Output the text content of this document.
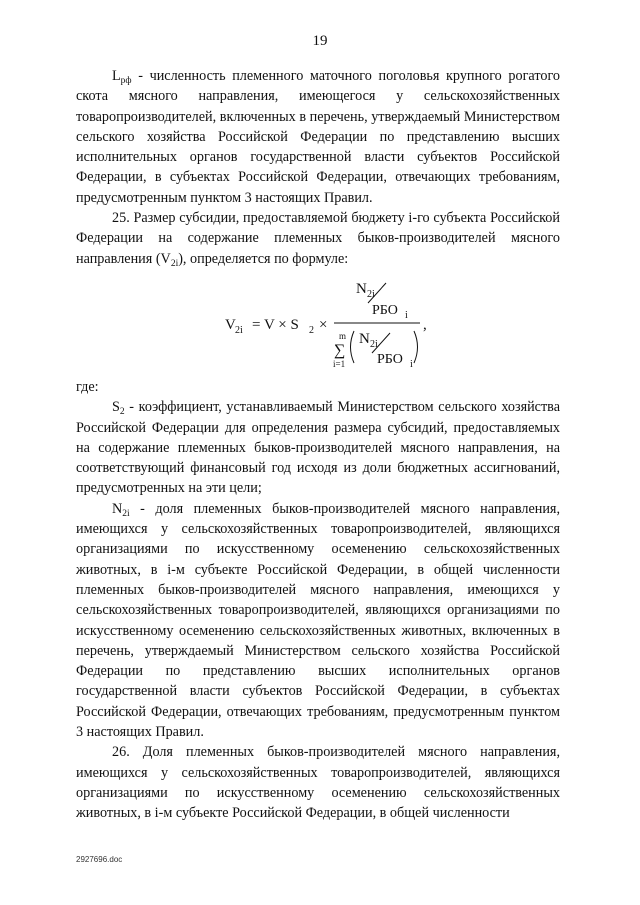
19

$L_{рф}$ - численность племенного маточного поголовья крупного рогатого скота мясного направления, имеющегося у сельскохозяйственных товаропроизводителей, включенных в перечень, утверждаемый Министерством сельского хозяйства Российской Федерации по представлению высших исполнительных органов государственной власти субъектов Российской Федерации, в субъектах Российской Федерации, отвечающих требованиям, предусмотренным пунктом 3 настоящих Правил.

25. Размер субсидии, предоставляемой бюджету i-го субъекта Российской Федерации на содержание племенных быков-производителей мясного направления $(V_{2i})$, определяется по формуле:

V 2i = V × S 2 ×
N 2i
РБО i
m
∑
i=1
N 2i
РБО i
,

где:

$S_2$ - коэффициент, устанавливаемый Министерством сельского хозяйства Российской Федерации для определения размера субсидий, предоставляемых на содержание племенных быков-производителей мясного направления, на соответствующий финансовый год исходя из доли бюджетных ассигнований, предусмотренных на эти цели;

$N_{2i}$ - доля племенных быков-производителей мясного направления, имеющихся у сельскохозяйственных товаропроизводителей, являющихся организациями по искусственному осеменению сельскохозяйственных животных, в i-м субъекте Российской Федерации, в общей численности племенных быков-производителей мясного направления, имеющихся у сельскохозяйственных товаропроизводителей, являющихся организациями по искусственному осеменению сельскохозяйственных животных, включенных в перечень, утверждаемый Министерством сельского хозяйства Российской Федерации по представлению высших исполнительных органов государственной власти субъектов Российской Федерации, в субъектах Российской Федерации, отвечающих требованиям, предусмотренным пунктом 3 настоящих Правил.

26. Доля племенных быков-производителей мясного направления, имеющихся у сельскохозяйственных товаропроизводителей, являющихся организациями по искусственному осеменению сельскохозяйственных животных, в i-м субъекте Российской Федерации, в общей численности

2927696.doc
